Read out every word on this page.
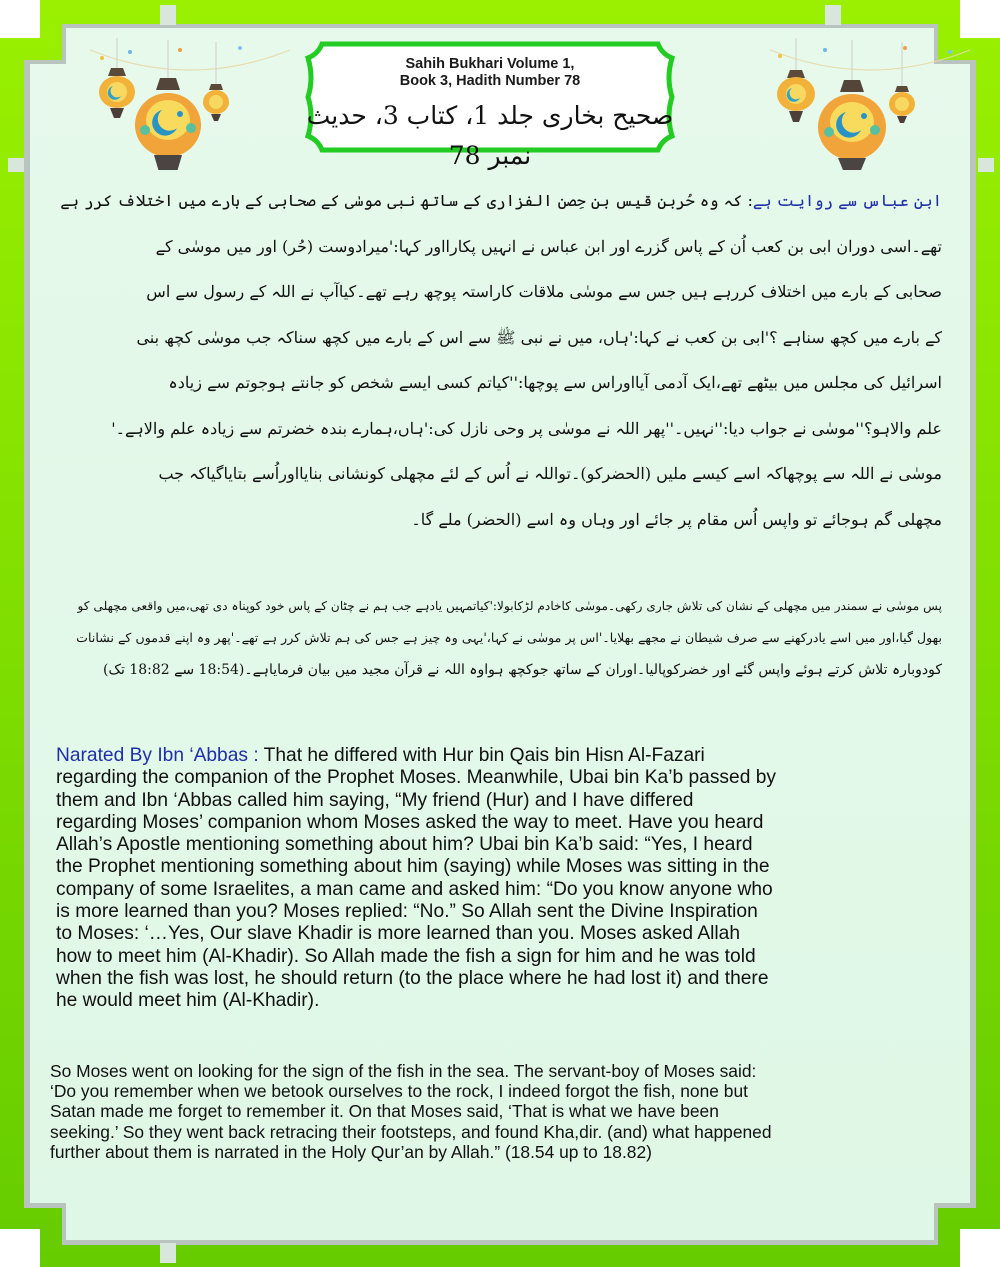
Sahih Bukhari Volume 1,
Book 3, Hadith Number 78
صحیح بخاری جلد 1، کتاب 3، حدیث نمبر 78
ابن عباس سے روایت ہے: کہ وہ حُربن قیس بن حِصن الفزاری کے ساتھ نبی موسٰی کے صحابی کے بارے میں اختلاف کرر ہے
تھے۔اسی دوران ابی بن کعب اُن کے پاس گزرے اور ابن عباس نے انہیں پکارااور کہا:'میرادوست (حُر) اور میں موسٰی کے
صحابی کے بارے میں اختلاف کررہے ہیں جس سے موسٰی ملاقات کاراستہ پوچھ رہے تھے۔کیاآپ نے اللہ کے رسول سے اس
کے بارے میں کچھ سناہے ؟'ابی بن کعب نے کہا:'ہاں، میں نے نبی ﷺ سے اس کے بارے میں کچھ سناکہ جب موسٰی کچھ بنی
اسرائیل کی مجلس میں بیٹھے تھے،ایک آدمی آیااوراس سے پوچھا:''کیاتم کسی ایسے شخص کو جانتے ہوجوتم سے زیادہ
علم والاہو؟''موسٰی نے جواب دیا:''نہیں۔''پھر اللہ نے موسٰی پر وحی نازل کی:'ہاں،ہمارے بندہ خضرتم سے زیادہ علم والاہے۔'
موسٰی نے اللہ سے پوچھاکہ اسے کیسے ملیں (الحضرکو)۔تواللہ نے اُس کے لئے مچھلی کونشانی بنایااوراُسے بتایاگیاکہ جب
مچھلی گم ہوجائے تو واپس اُس مقام پر جائے اور وہاں وہ اسے (الحضر) ملے گا۔
پس موسٰی نے سمندر میں مچھلی کے نشان کی تلاش جاری رکھی۔موسٰی کاخادم لڑکابولا:'کیاتمہیں یادہے جب ہم نے چٹان کے پاس خود کوپناہ دی تھی،میں واقعی مچھلی کو
بھول گیا،اور میں اسے یادرکھنے سے صرف شیطان نے مجھے بھلایا۔'اس پر موسٰی نے کہا،'یہی وہ چیز ہے جس کی ہم تلاش کرر ہے تھے۔'پھر وہ اپنے قدموں کے نشانات
کودوبارہ تلاش کرتے ہوئے واپس گئے اور خضرکوپالیا۔اوران کے ساتھ جوکچھ ہواوہ اللہ نے قرآن مجید میں بیان فرمایاہے۔(18:54 سے 18:82 تک)
Narated By Ibn ‘Abbas : That he differed with Hur bin Qais bin Hisn Al-Fazari
regarding the companion of the Prophet Moses. Meanwhile, Ubai bin Ka’b passed by
them and Ibn ‘Abbas called him saying, “My friend (Hur) and I have differed
regarding Moses’ companion whom Moses asked the way to meet. Have you heard
Allah’s Apostle mentioning something about him? Ubai bin Ka’b said: “Yes, I heard
the Prophet mentioning something about him (saying) while Moses was sitting in the
company of some Israelites, a man came and asked him: “Do you know anyone who
is more learned than you? Moses replied: “No.” So Allah sent the Divine Inspiration
to Moses: ‘…Yes, Our slave Khadir is more learned than you. Moses asked Allah
how to meet him (Al-Khadir). So Allah made the fish a sign for him and he was told
when the fish was lost, he should return (to the place where he had lost it) and there
he would meet him (Al-Khadir).
So Moses went on looking for the sign of the fish in the sea. The servant-boy of Moses said:
‘Do you remember when we betook ourselves to the rock, I indeed forgot the fish, none but
Satan made me forget to remember it. On that Moses said, ‘That is what we have been
seeking.’ So they went back retracing their footsteps, and found Kha,dir. (and) what happened
further about them is narrated in the Holy Qur’an by Allah.” (18.54 up to 18.82)
